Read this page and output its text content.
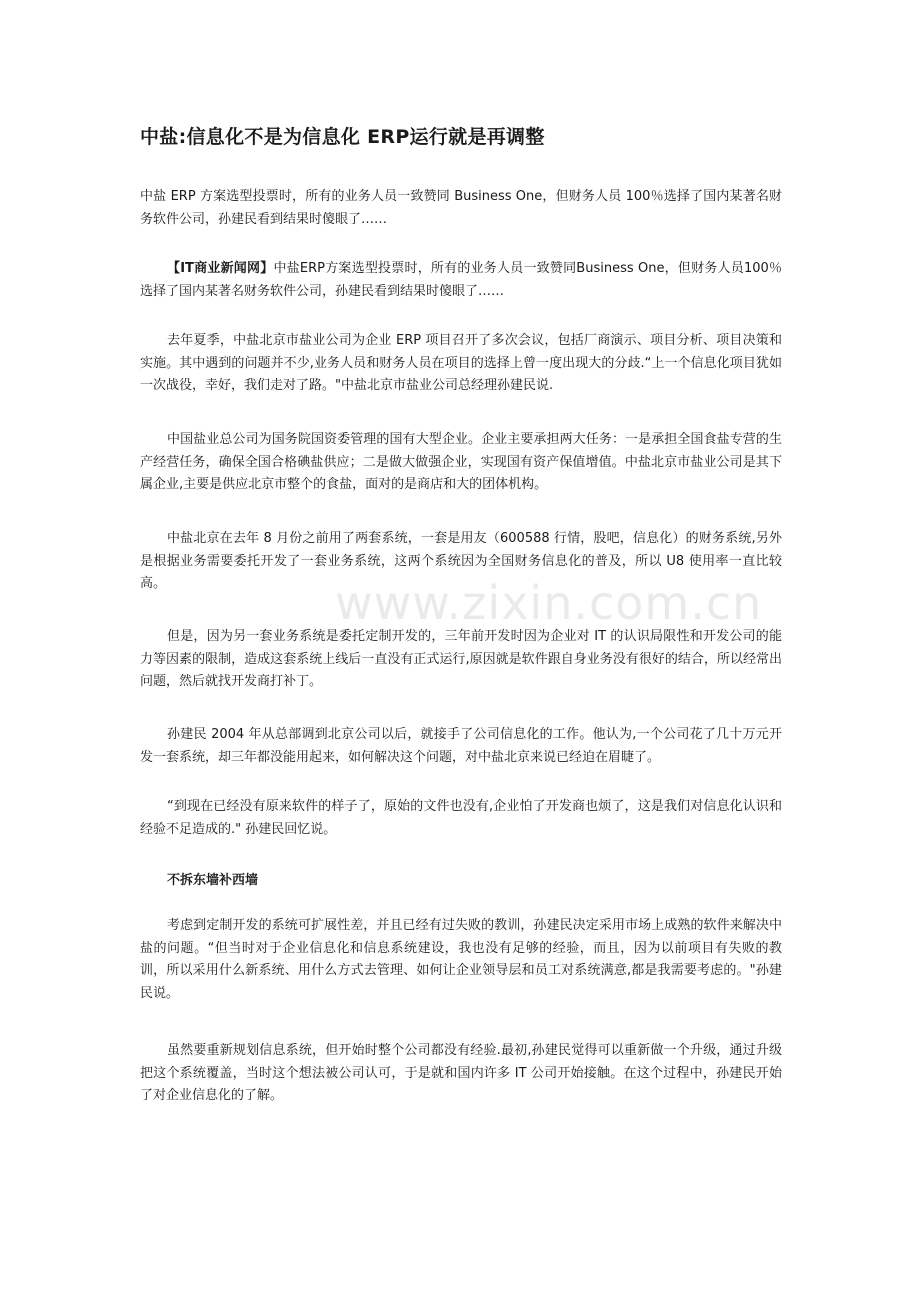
中盐:信息化不是为信息化 ERP运行就是再调整

中盐 ERP 方案选型投票时，所有的业务人员一致赞同 Business One，但财务人员 100％选择了国内某著名财务软件公司，孙建民看到结果时傻眼了……

【IT商业新闻网】中盐ERP方案选型投票时，所有的业务人员一致赞同Business One，但财务人员100％选择了国内某著名财务软件公司，孙建民看到结果时傻眼了……

去年夏季，中盐北京市盐业公司为企业 ERP 项目召开了多次会议，包括厂商演示、项目分析、项目决策和实施。其中遇到的问题并不少,业务人员和财务人员在项目的选择上曾一度出现大的分歧.“上一个信息化项目犹如一次战役，幸好，我们走对了路。"中盐北京市盐业公司总经理孙建民说.

中国盐业总公司为国务院国资委管理的国有大型企业。企业主要承担两大任务：一是承担全国食盐专营的生产经营任务，确保全国合格碘盐供应；二是做大做强企业，实现国有资产保值增值。中盐北京市盐业公司是其下属企业,主要是供应北京市整个的食盐，面对的是商店和大的团体机构。

中盐北京在去年 8 月份之前用了两套系统，一套是用友（600588 行情，股吧，信息化）的财务系统,另外是根据业务需要委托开发了一套业务系统，这两个系统因为全国财务信息化的普及，所以 U8 使用率一直比较高。

但是，因为另一套业务系统是委托定制开发的，三年前开发时因为企业对 IT 的认识局限性和开发公司的能力等因素的限制，造成这套系统上线后一直没有正式运行,原因就是软件跟自身业务没有很好的结合，所以经常出问题，然后就找开发商打补丁。

孙建民 2004 年从总部调到北京公司以后，就接手了公司信息化的工作。他认为,一个公司花了几十万元开发一套系统，却三年都没能用起来，如何解决这个问题，对中盐北京来说已经迫在眉睫了。

“到现在已经没有原来软件的样子了，原始的文件也没有,企业怕了开发商也烦了，这是我们对信息化认识和经验不足造成的." 孙建民回忆说。

不拆东墙补西墙

考虑到定制开发的系统可扩展性差，并且已经有过失败的教训，孙建民决定采用市场上成熟的软件来解决中盐的问题。“但当时对于企业信息化和信息系统建设，我也没有足够的经验，而且，因为以前项目有失败的教训，所以采用什么新系统、用什么方式去管理、如何让企业领导层和员工对系统满意,都是我需要考虑的。"孙建民说。

虽然要重新规划信息系统，但开始时整个公司都没有经验.最初,孙建民觉得可以重新做一个升级，通过升级把这个系统覆盖，当时这个想法被公司认可，于是就和国内许多 IT 公司开始接触。在这个过程中，孙建民开始了对企业信息化的了解。

www.zixin.com.cn
